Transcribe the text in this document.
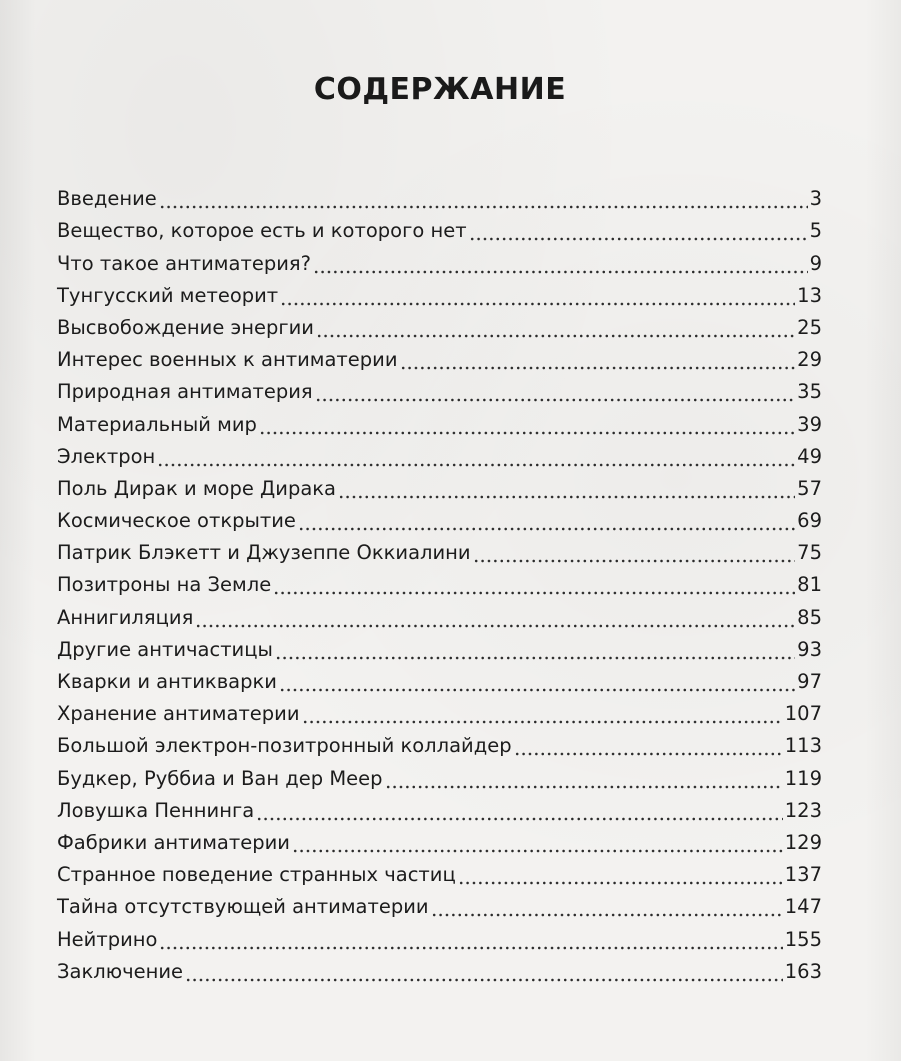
СОДЕРЖАНИЕ
Введение	3
Вещество, которое есть и которого нет	5
Что такое антиматерия?	9
Тунгусский метеорит	13
Высвобождение энергии	25
Интерес военных к антиматерии	29
Природная антиматерия	35
Материальный мир	39
Электрон	49
Поль Дирак и море Дирака	57
Космическое открытие	69
Патрик Блэкетт и Джузеппе Оккиалини	75
Позитроны на Земле	81
Аннигиляция	85
Другие античастицы	93
Кварки и антикварки	97
Хранение антиматерии	107
Большой электрон-позитронный коллайдер	113
Будкер, Руббиа и Ван дер Меер	119
Ловушка Пеннинга	123
Фабрики антиматерии	129
Странное поведение странных частиц	137
Тайна отсутствующей антиматерии	147
Нейтрино	155
Заключение	163
